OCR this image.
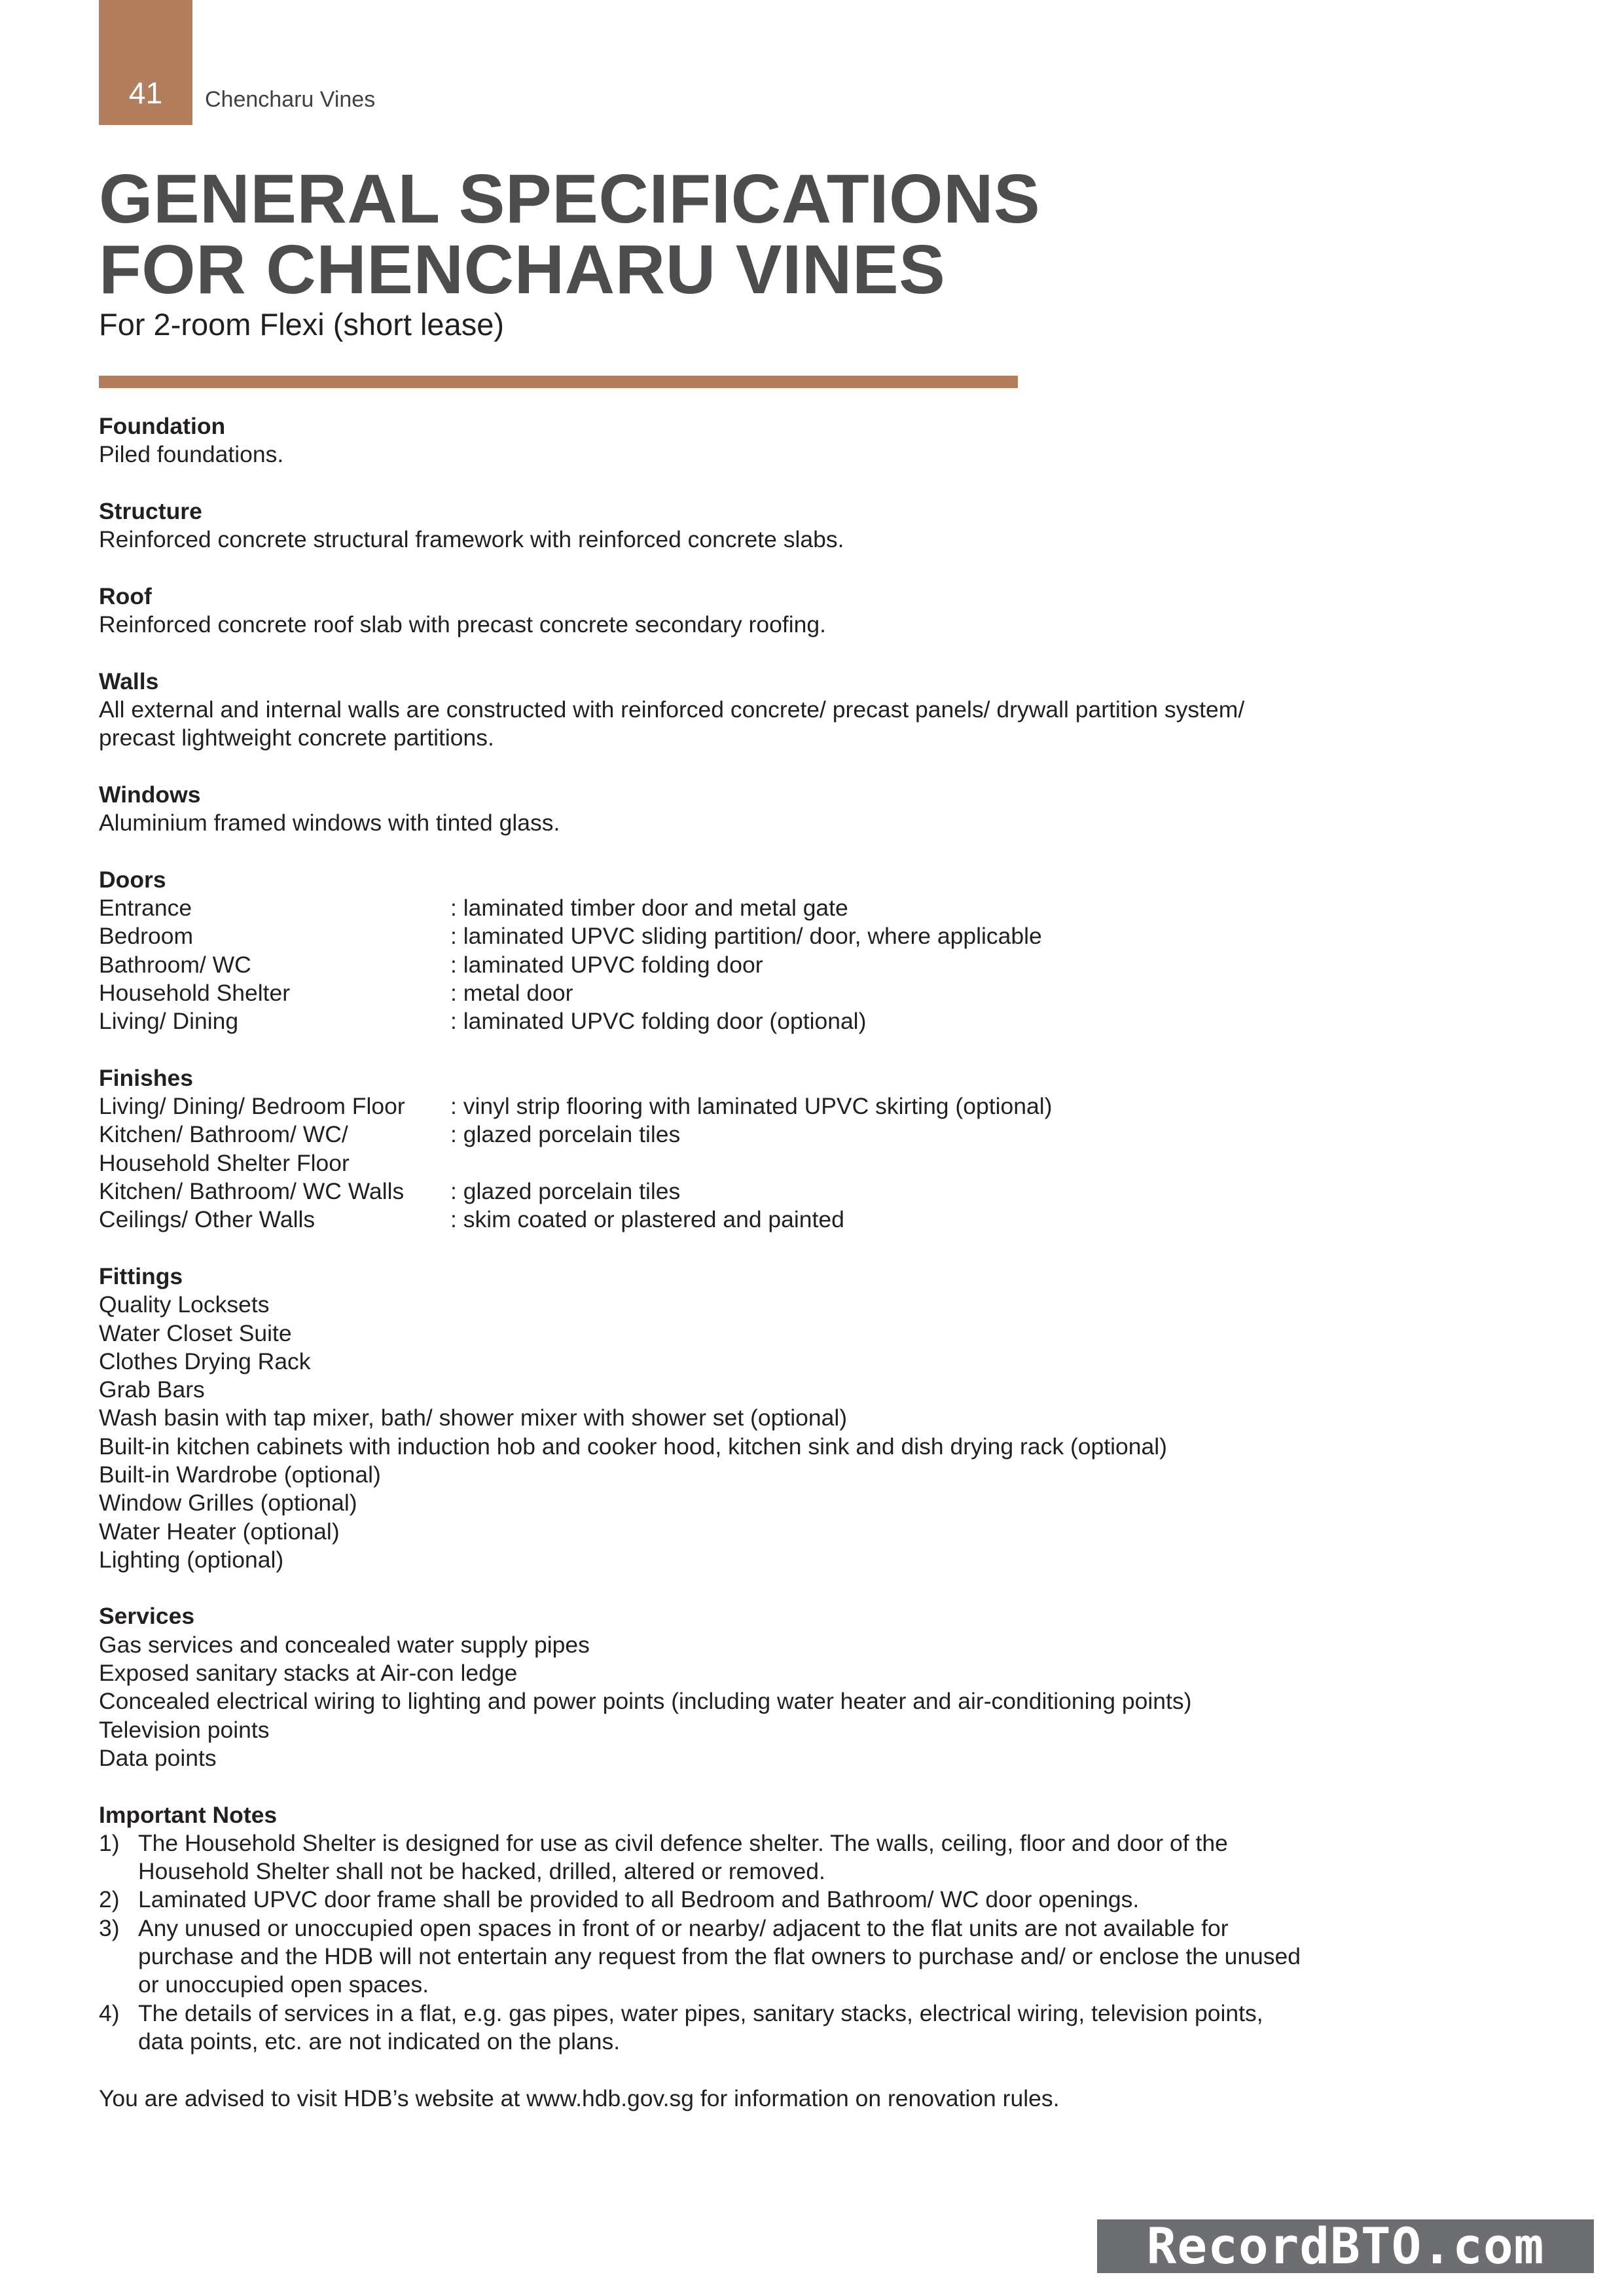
41 Chencharu Vines
GENERAL SPECIFICATIONS
FOR CHENCHARU VINES
For 2-room Flexi (short lease)
Foundation
Piled foundations.
Structure
Reinforced concrete structural framework with reinforced concrete slabs.
Roof
Reinforced concrete roof slab with precast concrete secondary roofing.
Walls
All external and internal walls are constructed with reinforced concrete/ precast panels/ drywall partition system/
precast lightweight concrete partitions.
Windows
Aluminium framed windows with tinted glass.
Doors
Entrance	: laminated timber door and metal gate
Bedroom	: laminated UPVC sliding partition/ door, where applicable
Bathroom/ WC	: laminated UPVC folding door
Household Shelter	: metal door
Living/ Dining	: laminated UPVC folding door (optional)
Finishes
Living/ Dining/ Bedroom Floor	: vinyl strip flooring with laminated UPVC skirting (optional)
Kitchen/ Bathroom/ WC/	: glazed porcelain tiles
Household Shelter Floor
Kitchen/ Bathroom/ WC Walls	: glazed porcelain tiles
Ceilings/ Other Walls	: skim coated or plastered and painted
Fittings
Quality Locksets
Water Closet Suite
Clothes Drying Rack
Grab Bars
Wash basin with tap mixer, bath/ shower mixer with shower set (optional)
Built-in kitchen cabinets with induction hob and cooker hood, kitchen sink and dish drying rack (optional)
Built-in Wardrobe (optional)
Window Grilles (optional)
Water Heater (optional)
Lighting (optional)
Services
Gas services and concealed water supply pipes
Exposed sanitary stacks at Air-con ledge
Concealed electrical wiring to lighting and power points (including water heater and air-conditioning points)
Television points
Data points
Important Notes
1) The Household Shelter is designed for use as civil defence shelter. The walls, ceiling, floor and door of the
Household Shelter shall not be hacked, drilled, altered or removed.
2) Laminated UPVC door frame shall be provided to all Bedroom and Bathroom/ WC door openings.
3) Any unused or unoccupied open spaces in front of or nearby/ adjacent to the flat units are not available for
purchase and the HDB will not entertain any request from the flat owners to purchase and/ or enclose the unused
or unoccupied open spaces.
4) The details of services in a flat, e.g. gas pipes, water pipes, sanitary stacks, electrical wiring, television points,
data points, etc. are not indicated on the plans.
You are advised to visit HDB’s website at www.hdb.gov.sg for information on renovation rules.
RecordBTO.com
